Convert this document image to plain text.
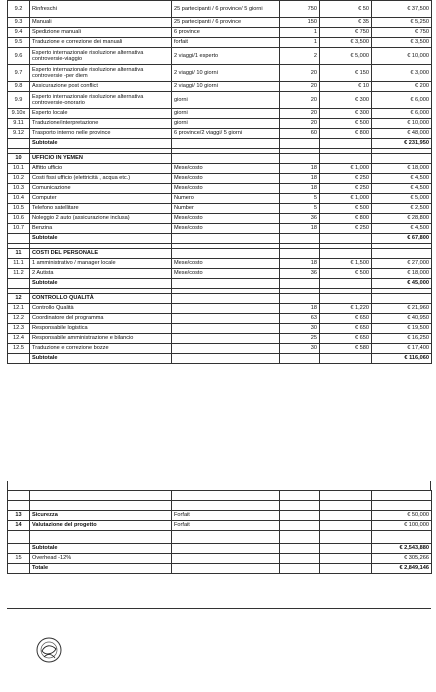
9.2	Rinfreschi	25 partecipanti / 6 province/ 5 giorni	750	€ 50	€ 37,500
9.3	Manuali	25 partecipanti / 6 province	150	€ 35	€ 5,250
9.4	Spedizione manuali	6 province	1	€ 750	€ 750
9.5	Traduzione e correzione dei manuali	forfait	1	€ 3,500	€ 3,500
9.6	Esperto internazionale risoluzione alternativa controversie-viaggio	2 viaggi/1 esperto	2	€ 5,000	€ 10,000
9.7	Esperto internazionale risoluzione alternativa controversie -per diem	2 viaggi/ 10 giorni	20	€ 150	€ 3,000
9.8	Assicurazione post conflict	2 viaggi/ 10 giorni	20	€ 10	€ 200
9.9	Esperto internazionale risoluzione alternativa controversie-onorario	giorni	20	€ 300	€ 6,000
9.10x	Esperto locale	giorni	20	€ 300	€ 6,000
9.11	Traduzione/interpretazione	giorni	20	€ 500	€ 10,000
9.12	Trasporto interno nelle province	6 province/2 viaggi/ 5 giorni	60	€ 800	€ 48,000
	Subtotale				€ 231,950

10	UFFICIO IN YEMEN				
10.1	Affitto ufficio	Mese/costo	18	€ 1,000	€ 18,000
10.2	Costi fissi ufficio (elettricità , acqua etc.)	Mese/costo	18	€ 250	€ 4,500
10.3	Comunicazione	Mese/costo	18	€ 250	€ 4,500
10.4	Computer	Numero	5	€ 1,000	€ 5,000
10.5	Telefono satellitare	Number	5	€ 500	€ 2,500
10.6	Noleggio 2 auto (assicurazione inclusa)	Mese/costo	36	€ 800	€ 28,800
10.7	Benzina	Mese/costo	18	€ 250	€ 4,500
	Subtotale				€ 67,800

11	COSTI DEL PERSONALE				
11.1	1 amministrativo / manager locale	Mese/costo	18	€ 1,500	€ 27,000
11.2	2 Autista	Mese/costo	36	€ 500	€ 18,000
	Subtotale				€ 45,000

12	CONTROLLO QUALITÀ				
12.1	Controllo Qualità		18	€ 1,220	€ 21,960
12.2	Coordinatore del programma		63	€ 650	€ 40,950
12.3	Responsabile logistica		30	€ 650	€ 19,500
12.4	Responsabile amministrazione e bilancio		25	€ 650	€ 16,250
12.5	Traduzione e correzione bozze		30	€ 580	€ 17,400
	Subtotale				€ 116,060

13	Sicurezza	Forfait			€ 50,000
14	Valutazione del progetto	Forfait			€ 100,000

	Subtotale				€ 2,543,880
15	Overhead -12%				€ 305,266
	Totale				€ 2,849,146
